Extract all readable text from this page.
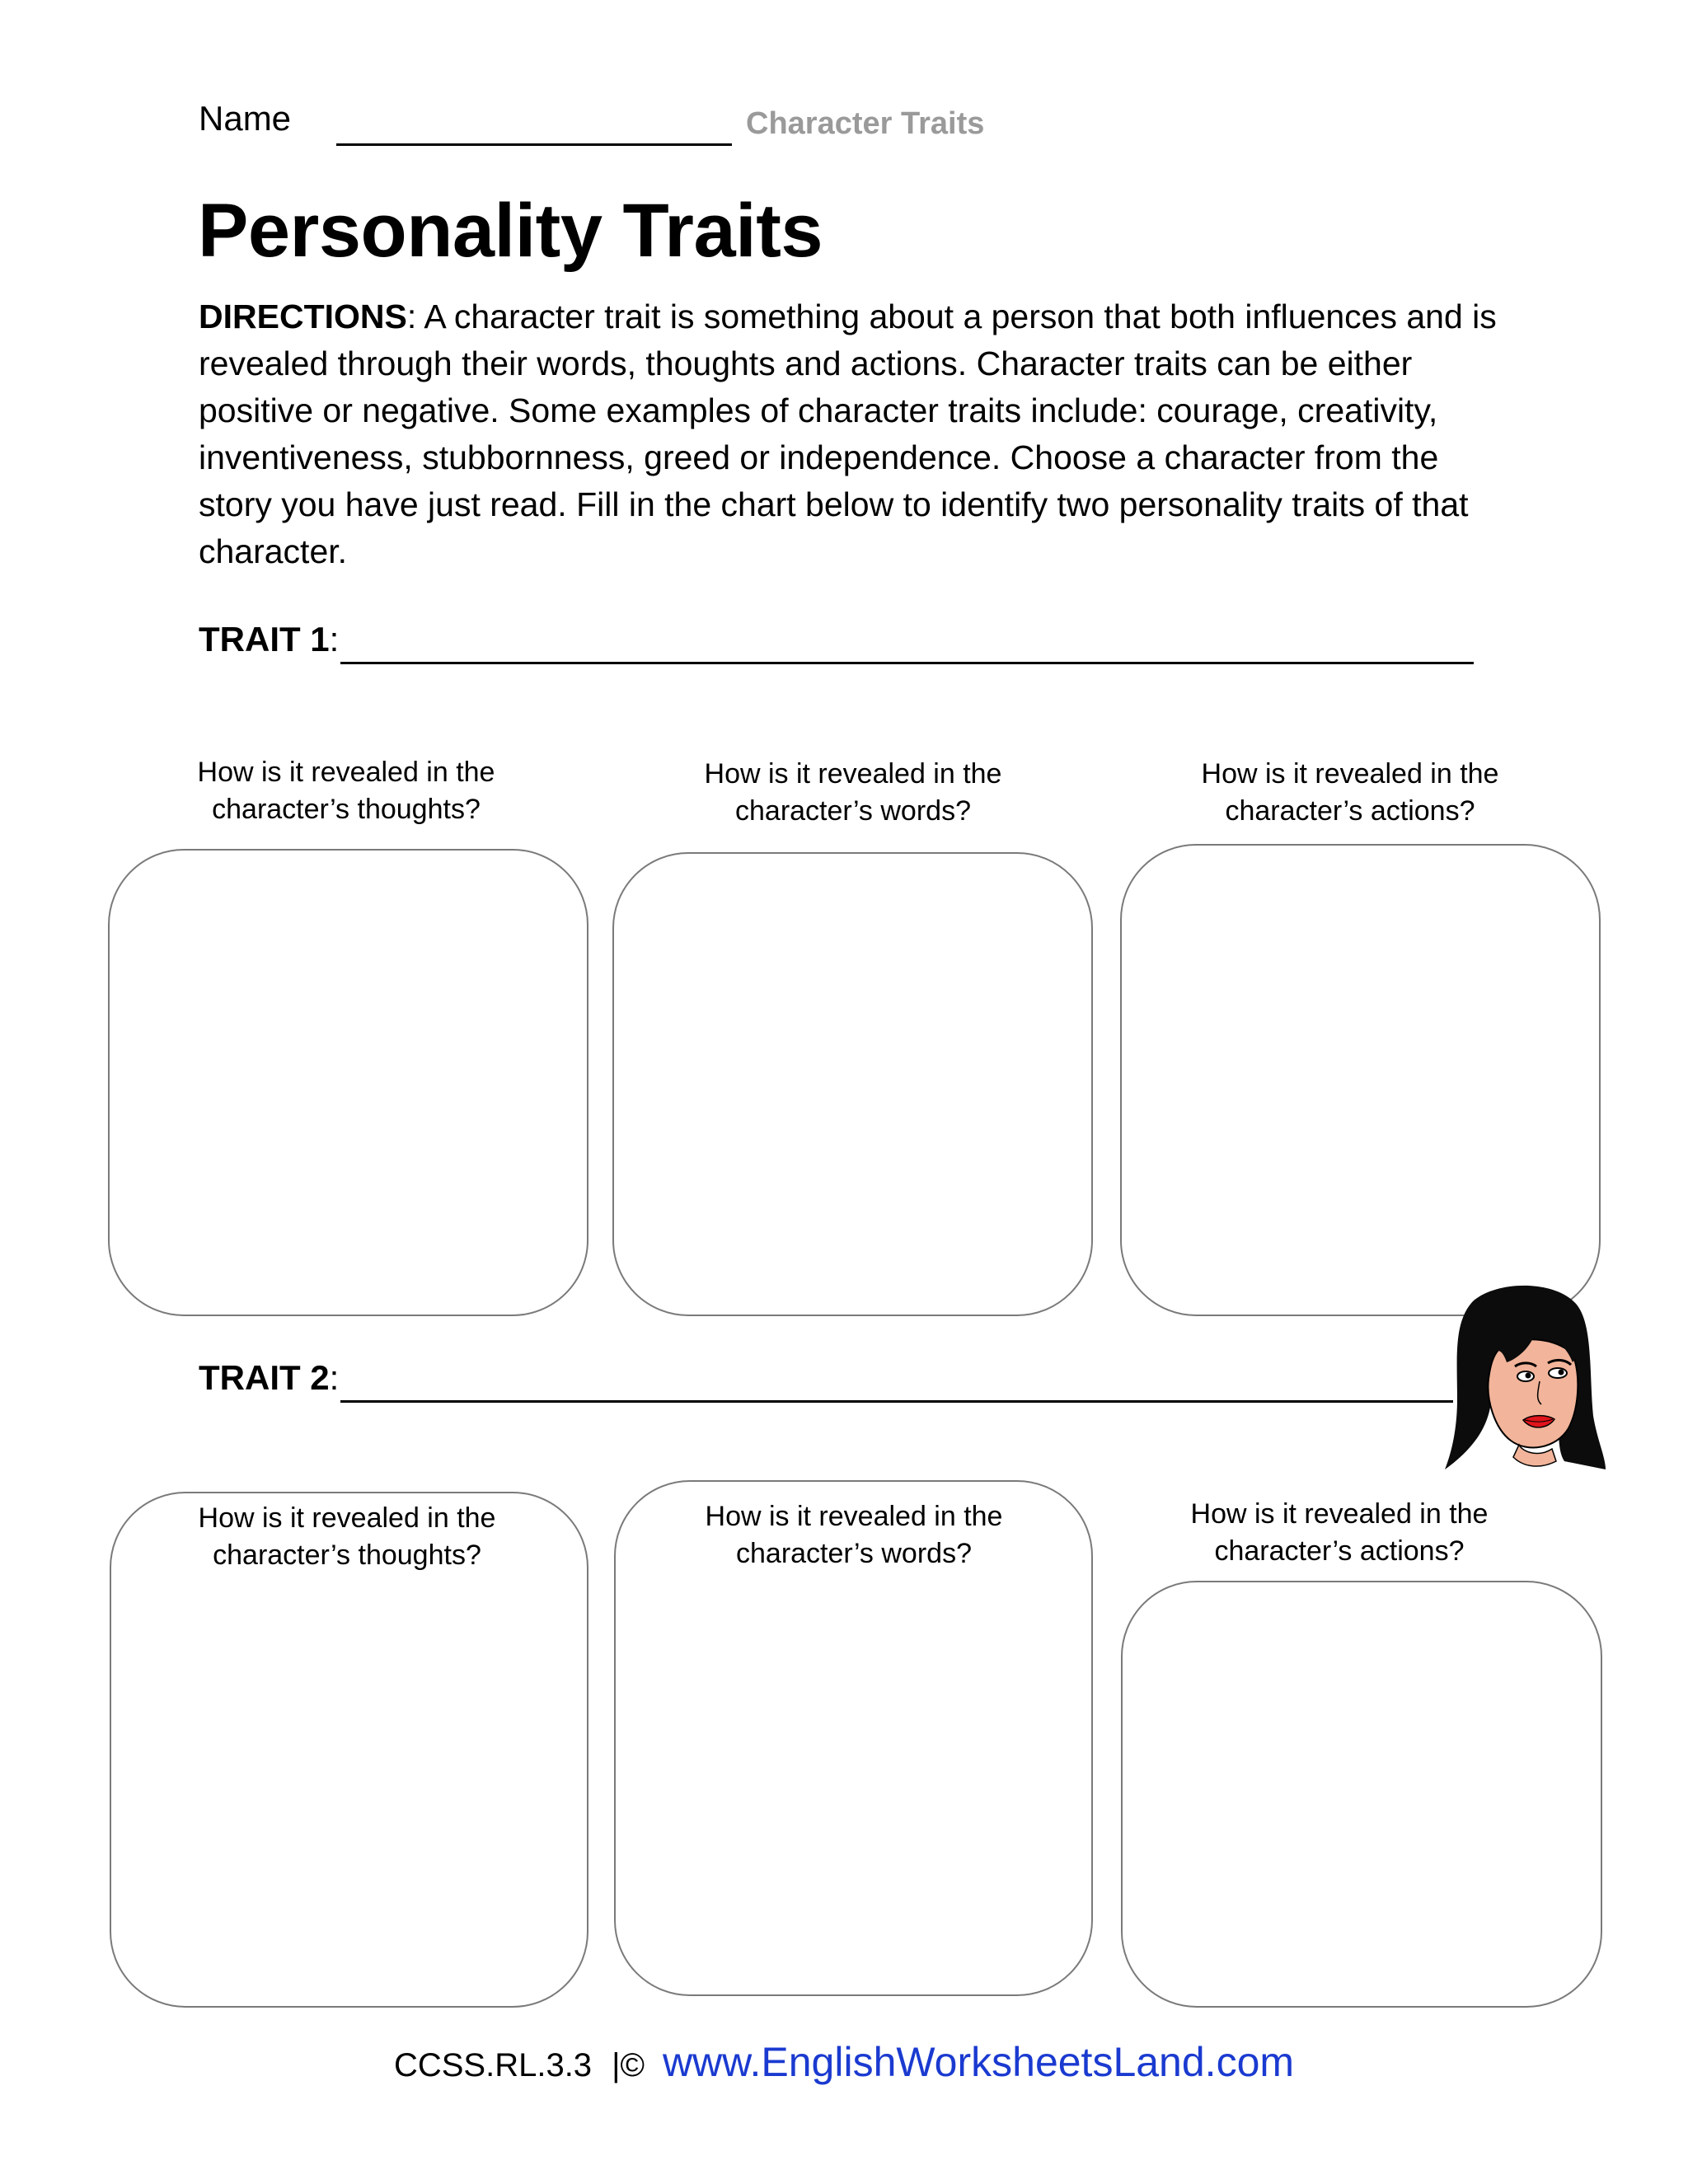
Name	Character Traits
Personality Traits
DIRECTIONS: A character trait is something about a person that both influences and is revealed through their words, thoughts and actions. Character traits can be either positive or negative. Some examples of character traits include: courage, creativity, inventiveness, stubbornness, greed or independence. Choose a character from the story you have just read. Fill in the chart below to identify two personality traits of that character.
TRAIT 1:
How is it revealed in the character’s thoughts?
How is it revealed in the character’s words?
How is it revealed in the character’s actions?
TRAIT 2:
How is it revealed in the character’s thoughts?
How is it revealed in the character’s words?
How is it revealed in the character’s actions?
CCSS.RL.3.3 |© www.EnglishWorksheetsLand.com
